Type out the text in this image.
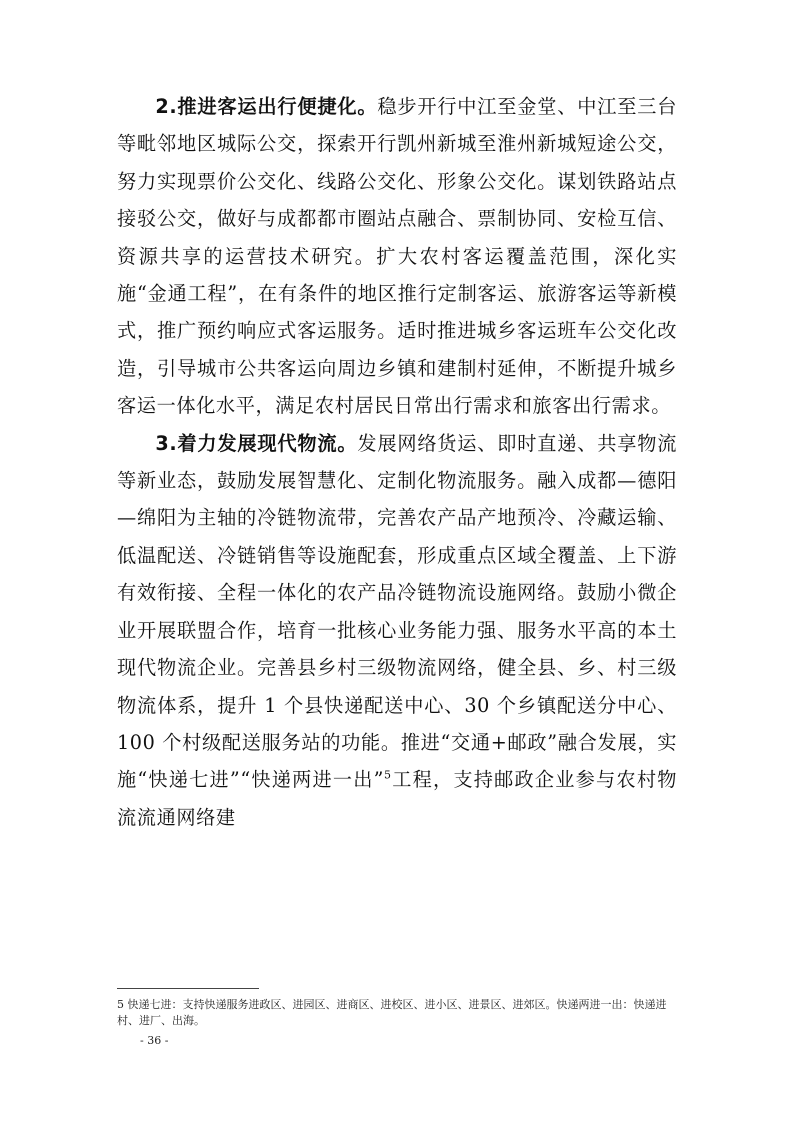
2.推进客运出行便捷化。稳步开行中江至金堂、中江至三台等毗邻地区城际公交，探索开行凯州新城至淮州新城短途公交，努力实现票价公交化、线路公交化、形象公交化。谋划铁路站点接驳公交，做好与成都都市圈站点融合、票制协同、安检互信、资源共享的运营技术研究。扩大农村客运覆盖范围，深化实施“金通工程”，在有条件的地区推行定制客运、旅游客运等新模式，推广预约响应式客运服务。适时推进城乡客运班车公交化改造，引导城市公共客运向周边乡镇和建制村延伸，不断提升城乡客运一体化水平，满足农村居民日常出行需求和旅客出行需求。

3.着力发展现代物流。发展网络货运、即时直递、共享物流等新业态，鼓励发展智慧化、定制化物流服务。融入成都—德阳—绵阳为主轴的冷链物流带，完善农产品产地预冷、冷藏运输、低温配送、冷链销售等设施配套，形成重点区域全覆盖、上下游有效衔接、全程一体化的农产品冷链物流设施网络。鼓励小微企业开展联盟合作，培育一批核心业务能力强、服务水平高的本土现代物流企业。完善县乡村三级物流网络，健全县、乡、村三级物流体系，提升 1 个县快递配送中心、30 个乡镇配送分中心、100 个村级配送服务站的功能。推进“交通+邮政”融合发展，实施“快递七进”“快递两进一出”$^5$工程，支持邮政企业参与农村物流流通网络建

5 快递七进：支持快递服务进政区、进园区、进商区、进校区、进小区、进景区、进郊区。快递两进一出：快递进村、进厂、出海。

- 36 -
